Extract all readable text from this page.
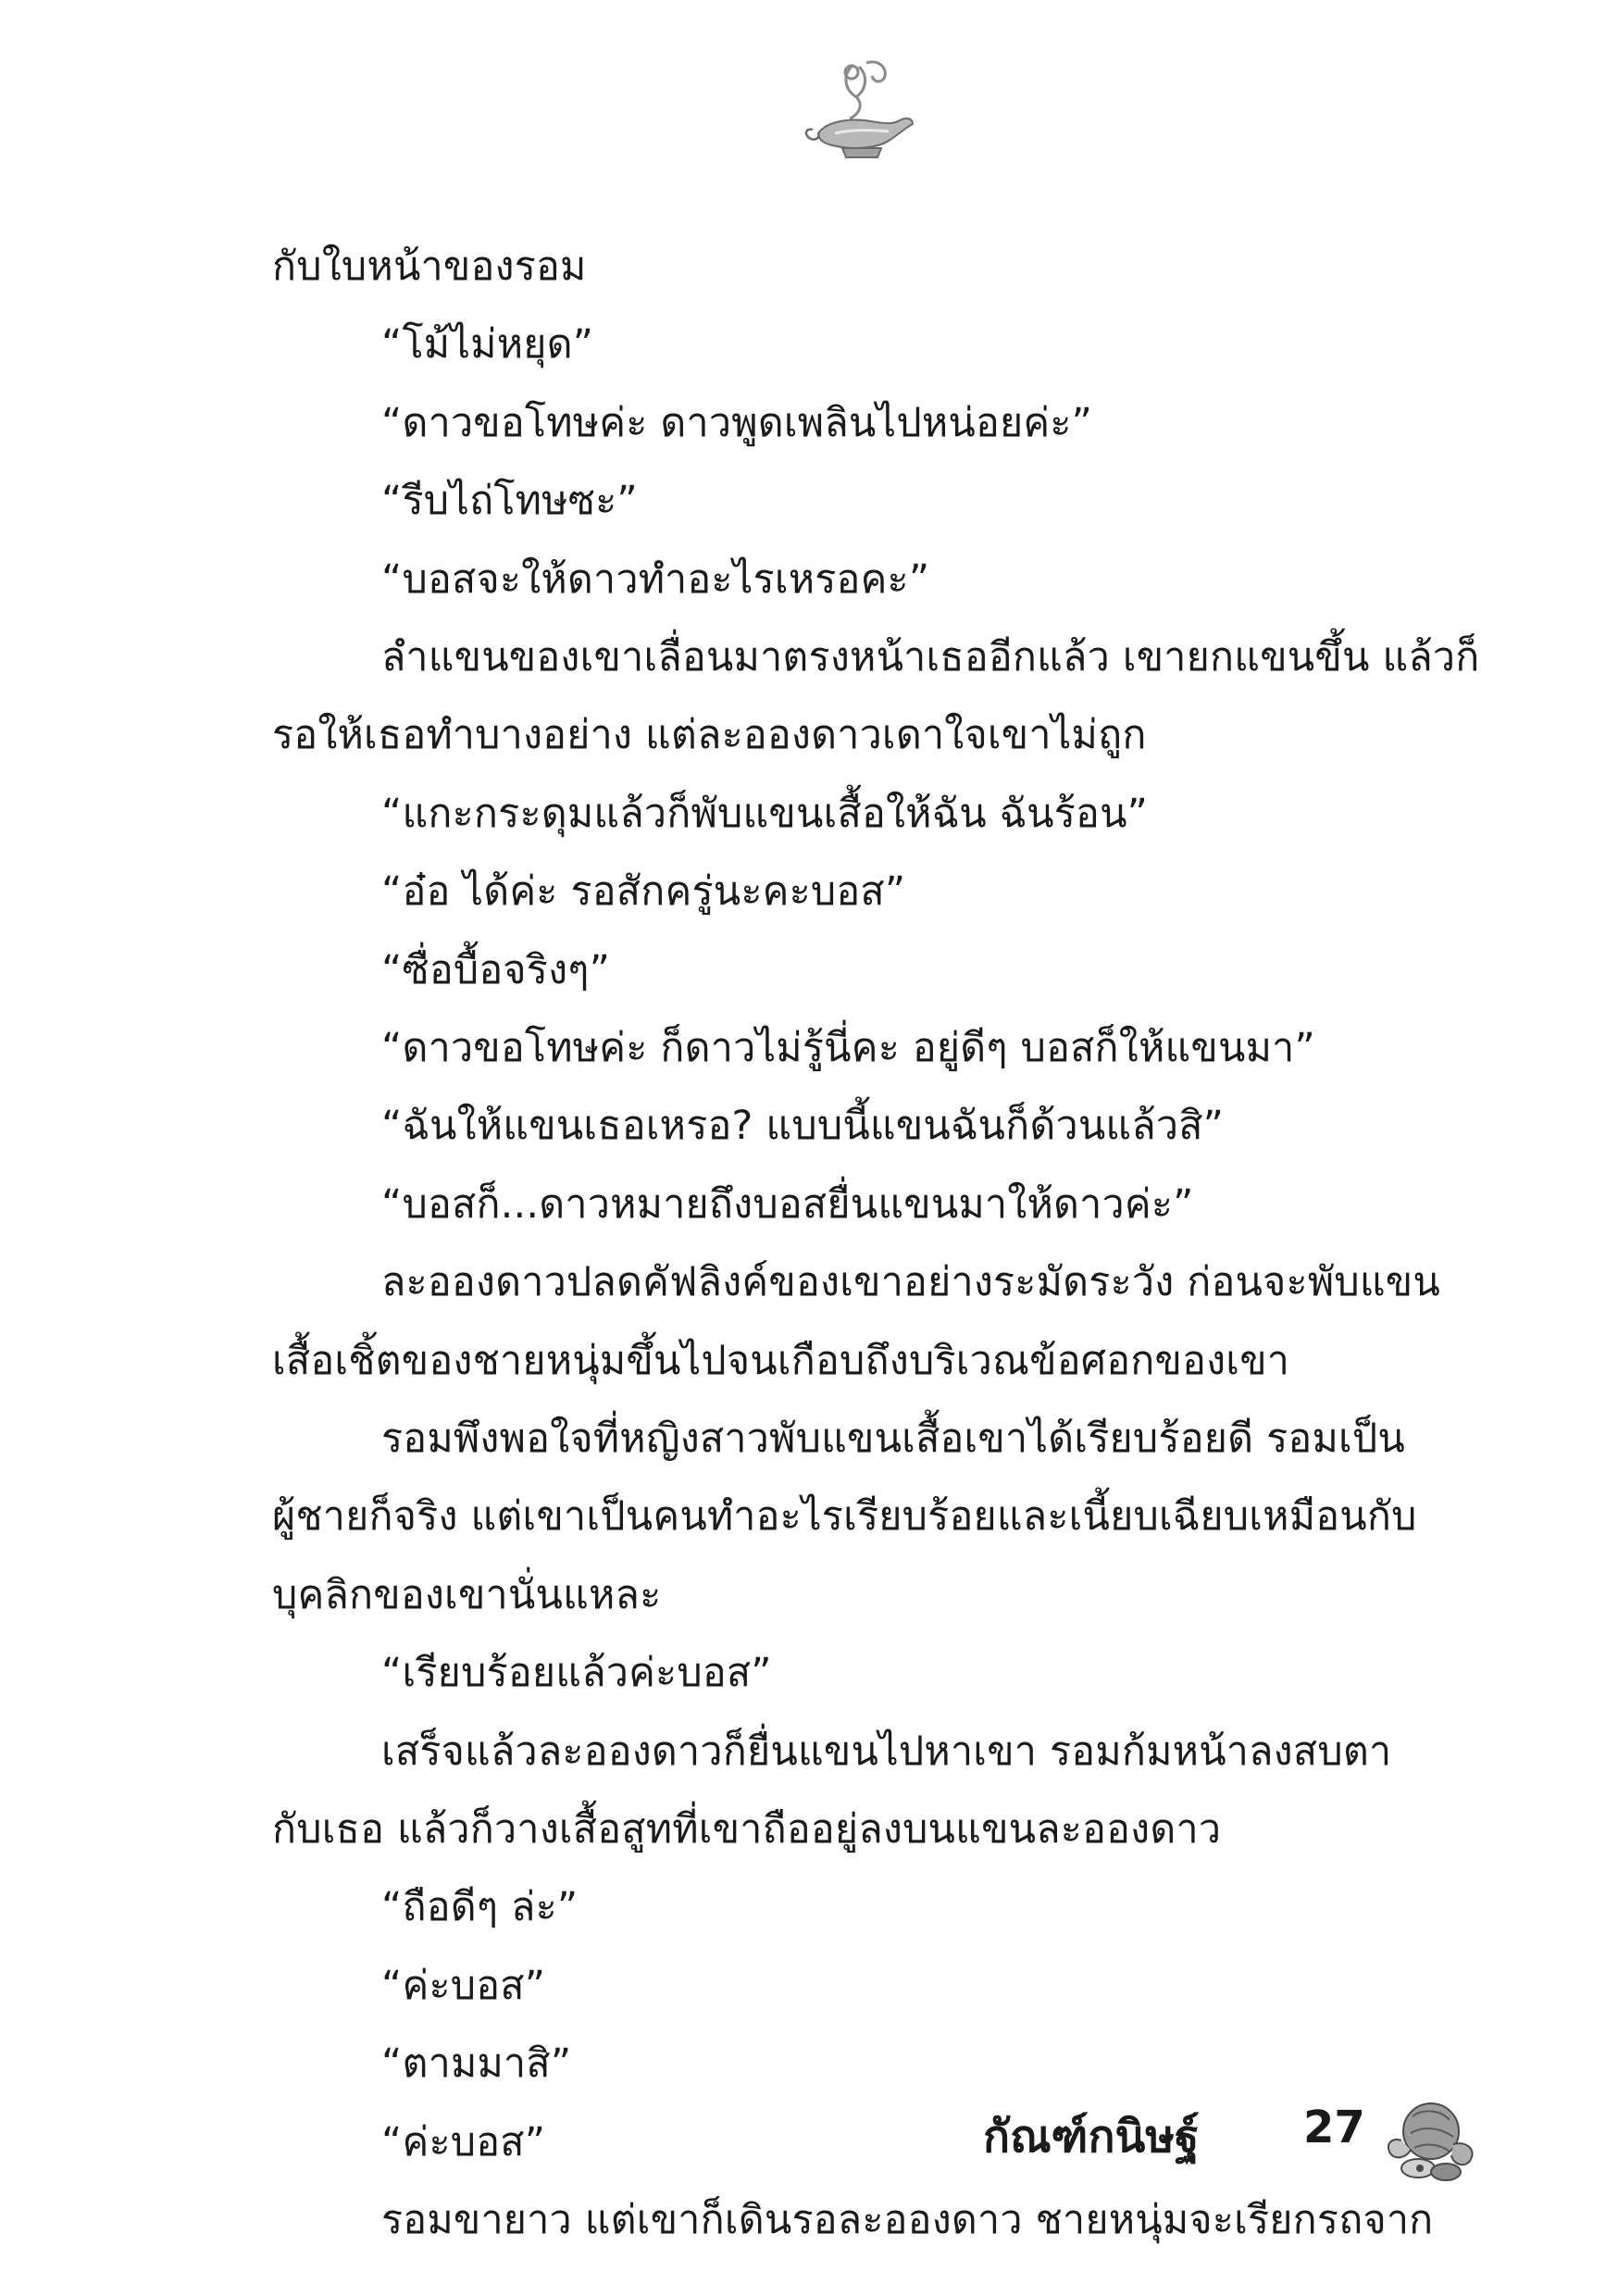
กับใบหน้าของรอม
“โม้ไม่หยุด”
“ดาวขอโทษค่ะ ดาวพูดเพลินไปหน่อยค่ะ”
“รีบไถ่โทษซะ”
“บอสจะให้ดาวทำอะไรเหรอคะ”
ลำแขนของเขาเลื่อนมาตรงหน้าเธออีกแล้ว เขายกแขนขึ้น แล้วก็
รอให้เธอทำบางอย่าง แต่ละอองดาวเดาใจเขาไม่ถูก
“แกะกระดุมแล้วก็พับแขนเสื้อให้ฉัน ฉันร้อน”
“อ๋อ ได้ค่ะ รอสักครู่นะคะบอส”
“ซื่อบื้อจริงๆ”
“ดาวขอโทษค่ะ ก็ดาวไม่รู้นี่คะ อยู่ดีๆ บอสก็ให้แขนมา”
“ฉันให้แขนเธอเหรอ? แบบนี้แขนฉันก็ด้วนแล้วสิ”
“บอสก็...ดาวหมายถึงบอสยื่นแขนมาให้ดาวค่ะ”
ละอองดาวปลดคัฟลิงค์ของเขาอย่างระมัดระวัง ก่อนจะพับแขน
เสื้อเชิ้ตของชายหนุ่มขึ้นไปจนเกือบถึงบริเวณข้อศอกของเขา
รอมพึงพอใจที่หญิงสาวพับแขนเสื้อเขาได้เรียบร้อยดี รอมเป็น
ผู้ชายก็จริง แต่เขาเป็นคนทำอะไรเรียบร้อยและเนี้ยบเฉียบเหมือนกับ
บุคลิกของเขานั่นแหละ
“เรียบร้อยแล้วค่ะบอส”
เสร็จแล้วละอองดาวก็ยื่นแขนไปหาเขา รอมก้มหน้าลงสบตา
กับเธอ แล้วก็วางเสื้อสูทที่เขาถืออยู่ลงบนแขนละอองดาว
“ถือดีๆ ล่ะ”
“ค่ะบอส”
“ตามมาสิ”
“ค่ะบอส”
รอมขายาว แต่เขาก็เดินรอละอองดาว ชายหนุ่มจะเรียกรถจาก
กัณฑ์กนิษฐ์ 27
